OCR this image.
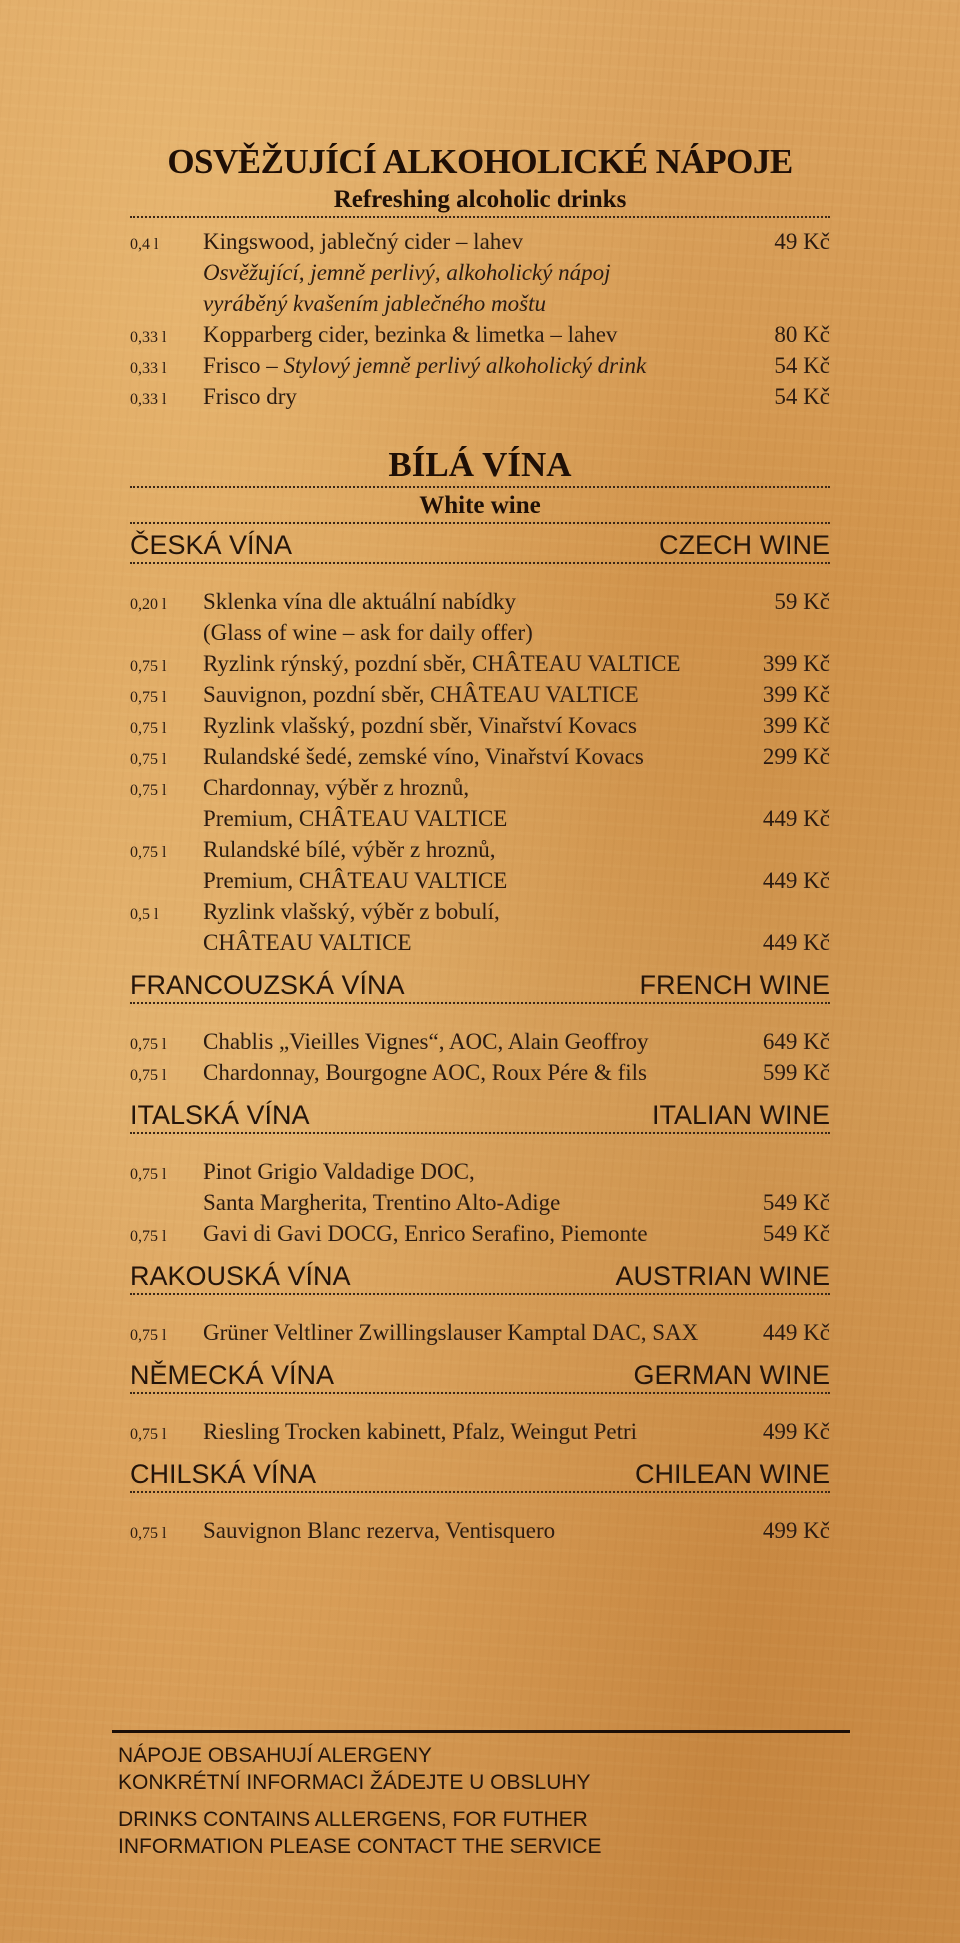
OSVĚŽUJÍCÍ ALKOHOLICKÉ NÁPOJE
Refreshing alcoholic drinks
0,4 l	Kingswood, jablečný cider – lahev	49 Kč
Osvěžující, jemně perlivý, alkoholický nápoj
vyráběný kvašením jablečného moštu
0,33 l	Kopparberg cider, bezinka & limetka – lahev	80 Kč
0,33 l	Frisco – Stylový jemně perlivý alkoholický drink	54 Kč
0,33 l	Frisco dry	54 Kč
BÍLÁ VÍNA
White wine
ČESKÁ VÍNA	CZECH WINE
0,20 l	Sklenka vína dle aktuální nabídky	59 Kč
(Glass of wine – ask for daily offer)
0,75 l	Ryzlink rýnský, pozdní sběr, CHÂTEAU VALTICE	399 Kč
0,75 l	Sauvignon, pozdní sběr, CHÂTEAU VALTICE	399 Kč
0,75 l	Ryzlink vlašský, pozdní sběr, Vinařství Kovacs	399 Kč
0,75 l	Rulandské šedé, zemské víno, Vinařství Kovacs	299 Kč
0,75 l	Chardonnay, výběr z hroznů,
Premium, CHÂTEAU VALTICE	449 Kč
0,75 l	Rulandské bílé, výběr z hroznů,
Premium, CHÂTEAU VALTICE	449 Kč
0,5 l	Ryzlink vlašský, výběr z bobulí,
CHÂTEAU VALTICE	449 Kč
FRANCOUZSKÁ VÍNA	FRENCH WINE
0,75 l	Chablis „Vieilles Vignes“, AOC, Alain Geoffroy	649 Kč
0,75 l	Chardonnay, Bourgogne AOC, Roux Pére & fils	599 Kč
ITALSKÁ VÍNA	ITALIAN WINE
0,75 l	Pinot Grigio Valdadige DOC,
Santa Margherita, Trentino Alto-Adige	549 Kč
0,75 l	Gavi di Gavi DOCG, Enrico Serafino, Piemonte	549 Kč
RAKOUSKÁ VÍNA	AUSTRIAN WINE
0,75 l	Grüner Veltliner Zwillingslauser Kamptal DAC, SAX	449 Kč
NĚMECKÁ VÍNA	GERMAN WINE
0,75 l	Riesling Trocken kabinett, Pfalz, Weingut Petri	499 Kč
CHILSKÁ VÍNA	CHILEAN WINE
0,75 l	Sauvignon Blanc rezerva, Ventisquero	499 Kč
NÁPOJE OBSAHUJÍ ALERGENY
KONKRÉTNÍ INFORMACI ŽÁDEJTE U OBSLUHY
DRINKS CONTAINS ALLERGENS, FOR FUTHER
INFORMATION PLEASE CONTACT THE SERVICE
